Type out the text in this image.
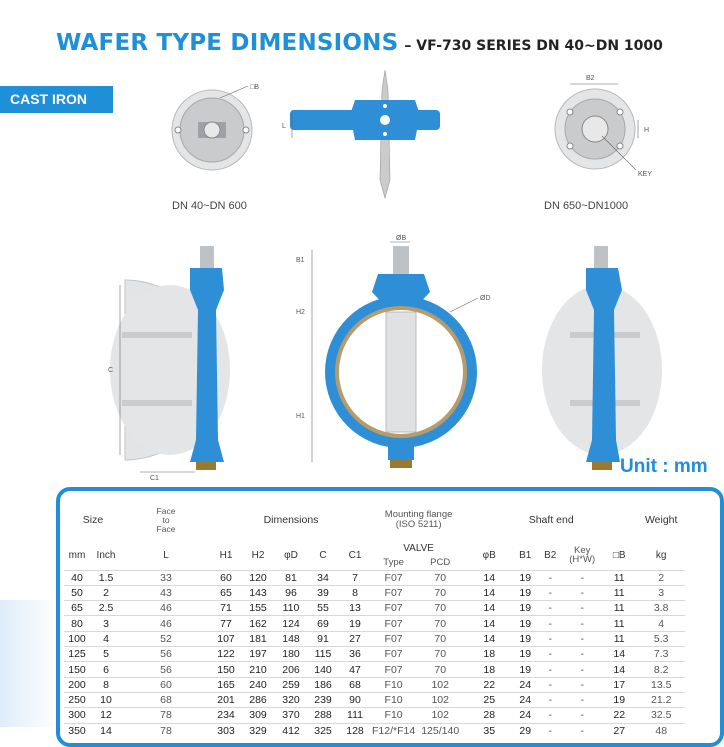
WAFER TYPE DIMENSIONS – VF-730 SERIES DN 40~DN 1000
CAST IRON
□B
L
B2
H
KEY
DN 40~DN 600	DN 650~DN1000
C
C1
ØB
B1
H2
H1
ØD
Unit : mm
Size		Face
to
Face	Dimensions					Mounting flange
(ISO 5211)		Shaft end					Weight
mm	Inch	L	H1	H2	φD	C	C1	VALVE		φB	B1	B2	Key
(H*W)	□B	kg
								Type	PCD						
40	1.5	33	60	120	81	34	7	F07	70	14	19	-	-	11	2
50	2	43	65	143	96	39	8	F07	70	14	19	-	-	11	3
65	2.5	46	71	155	110	55	13	F07	70	14	19	-	-	11	3.8
80	3	46	77	162	124	69	19	F07	70	14	19	-	-	11	4
100	4	52	107	181	148	91	27	F07	70	14	19	-	-	11	5.3
125	5	56	122	197	180	115	36	F07	70	18	19	-	-	14	7.3
150	6	56	150	210	206	140	47	F07	70	18	19	-	-	14	8.2
200	8	60	165	240	259	186	68	F10	102	22	24	-	-	17	13.5
250	10	68	201	286	320	239	90	F10	102	25	24	-	-	19	21.2
300	12	78	234	309	370	288	111	F10	102	28	24	-	-	22	32.5
350	14	78	303	329	412	325	128	F12/*F14	125/140	35	29	-	-	27	48
